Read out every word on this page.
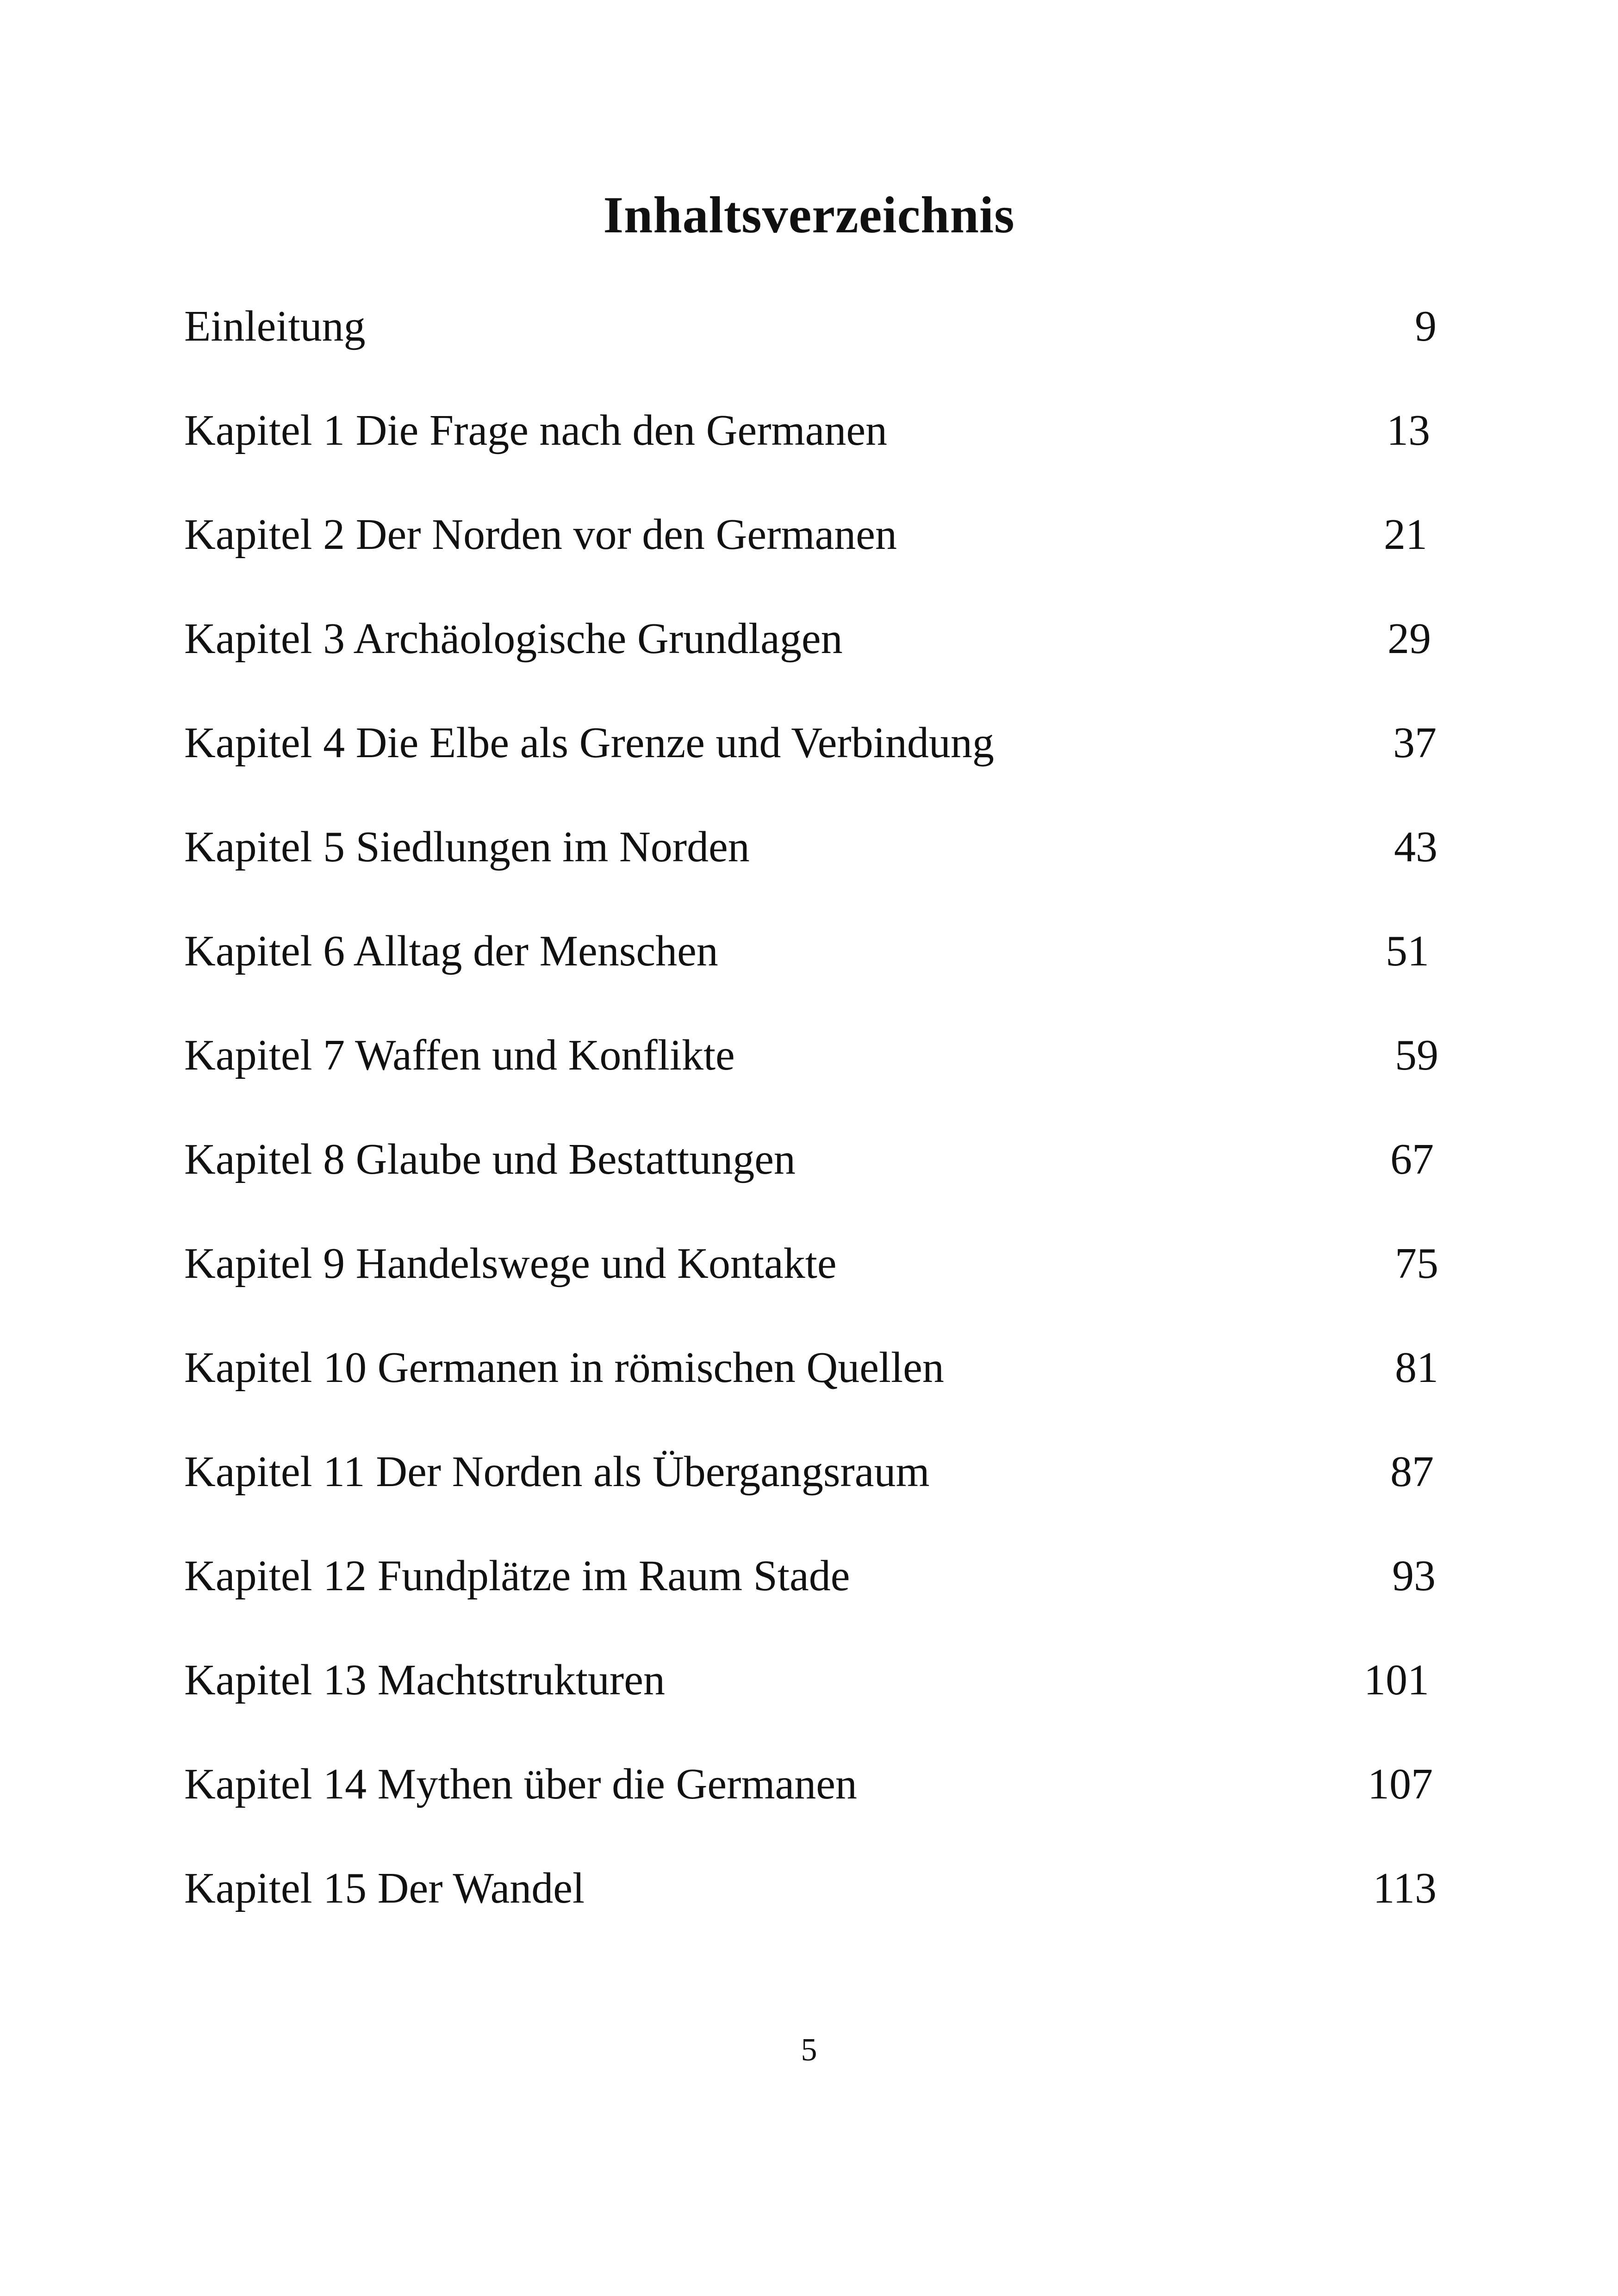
Inhaltsverzeichnis
Einleitung	9
Kapitel 1 Die Frage nach den Germanen	13
Kapitel 2 Der Norden vor den Germanen	21
Kapitel 3 Archäologische Grundlagen	29
Kapitel 4 Die Elbe als Grenze und Verbindung	37
Kapitel 5 Siedlungen im Norden	43
Kapitel 6 Alltag der Menschen	51
Kapitel 7 Waffen und Konflikte	59
Kapitel 8 Glaube und Bestattungen	67
Kapitel 9 Handelswege und Kontakte	75
Kapitel 10 Germanen in römischen Quellen	81
Kapitel 11 Der Norden als Übergangsraum	87
Kapitel 12 Fundplätze im Raum Stade	93
Kapitel 13 Machtstrukturen	101
Kapitel 14 Mythen über die Germanen	107
Kapitel 15 Der Wandel	113
5
